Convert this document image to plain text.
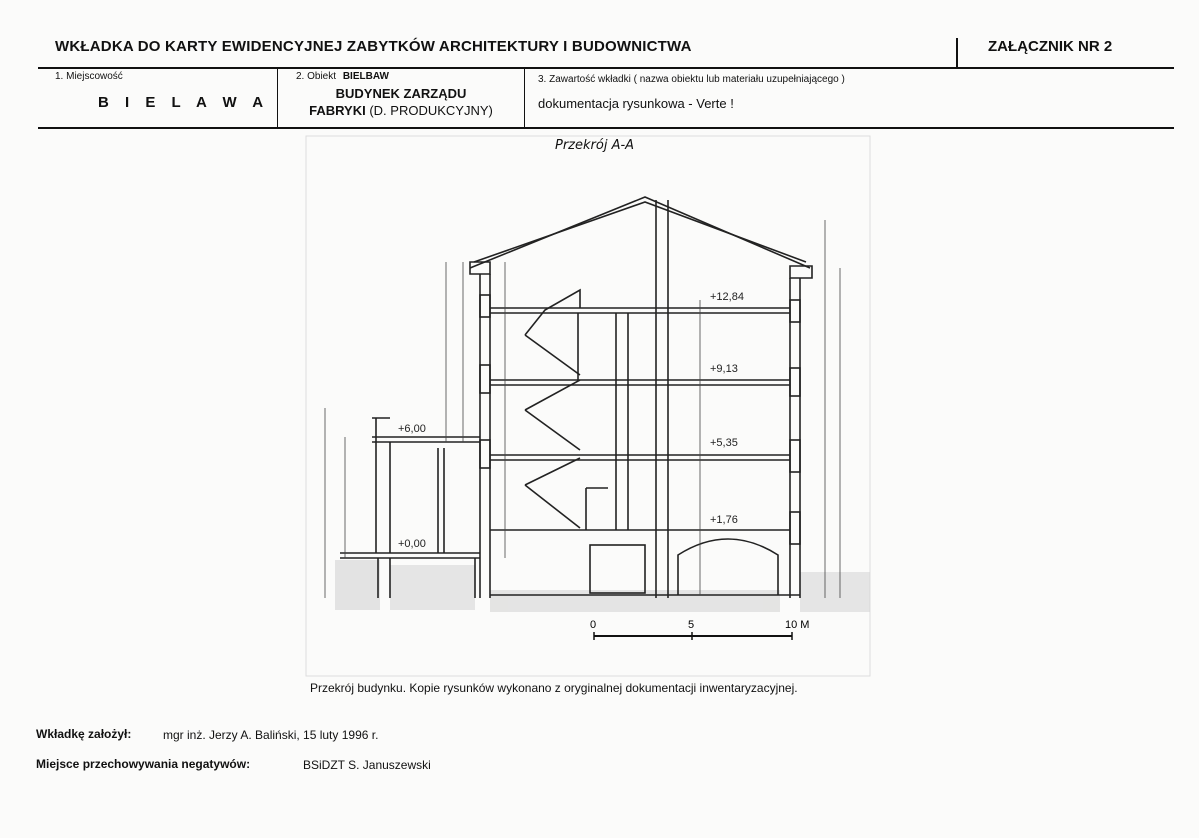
WKŁADKA DO KARTY EWIDENCYJNEJ ZABYTKÓW ARCHITEKTURY I BUDOWNICTWA	ZAŁĄCZNIK NR 2
1. Miejscowość
B I E L A W A
2. Obiekt BIELBAW
BUDYNEK ZARZĄDU
FABRYKI (D. PRODUKCYJNY)
3. Zawartość wkładki ( nazwa obiektu lub materiału uzupełniającego )
dokumentacja rysunkowa - Verte !
Przekrój A-A
+12,84
+9,13
+5,35
+6,00
+1,76
+0,00
0	5	10 M
Przekrój budynku. Kopie rysunków wykonano z oryginalnej dokumentacji inwentaryzacyjnej.
Wkładkę założył:	mgr inż. Jerzy A. Baliński, 15 luty 1996 r.
Miejsce przechowywania negatywów:	BSiDZT S. Januszewski
